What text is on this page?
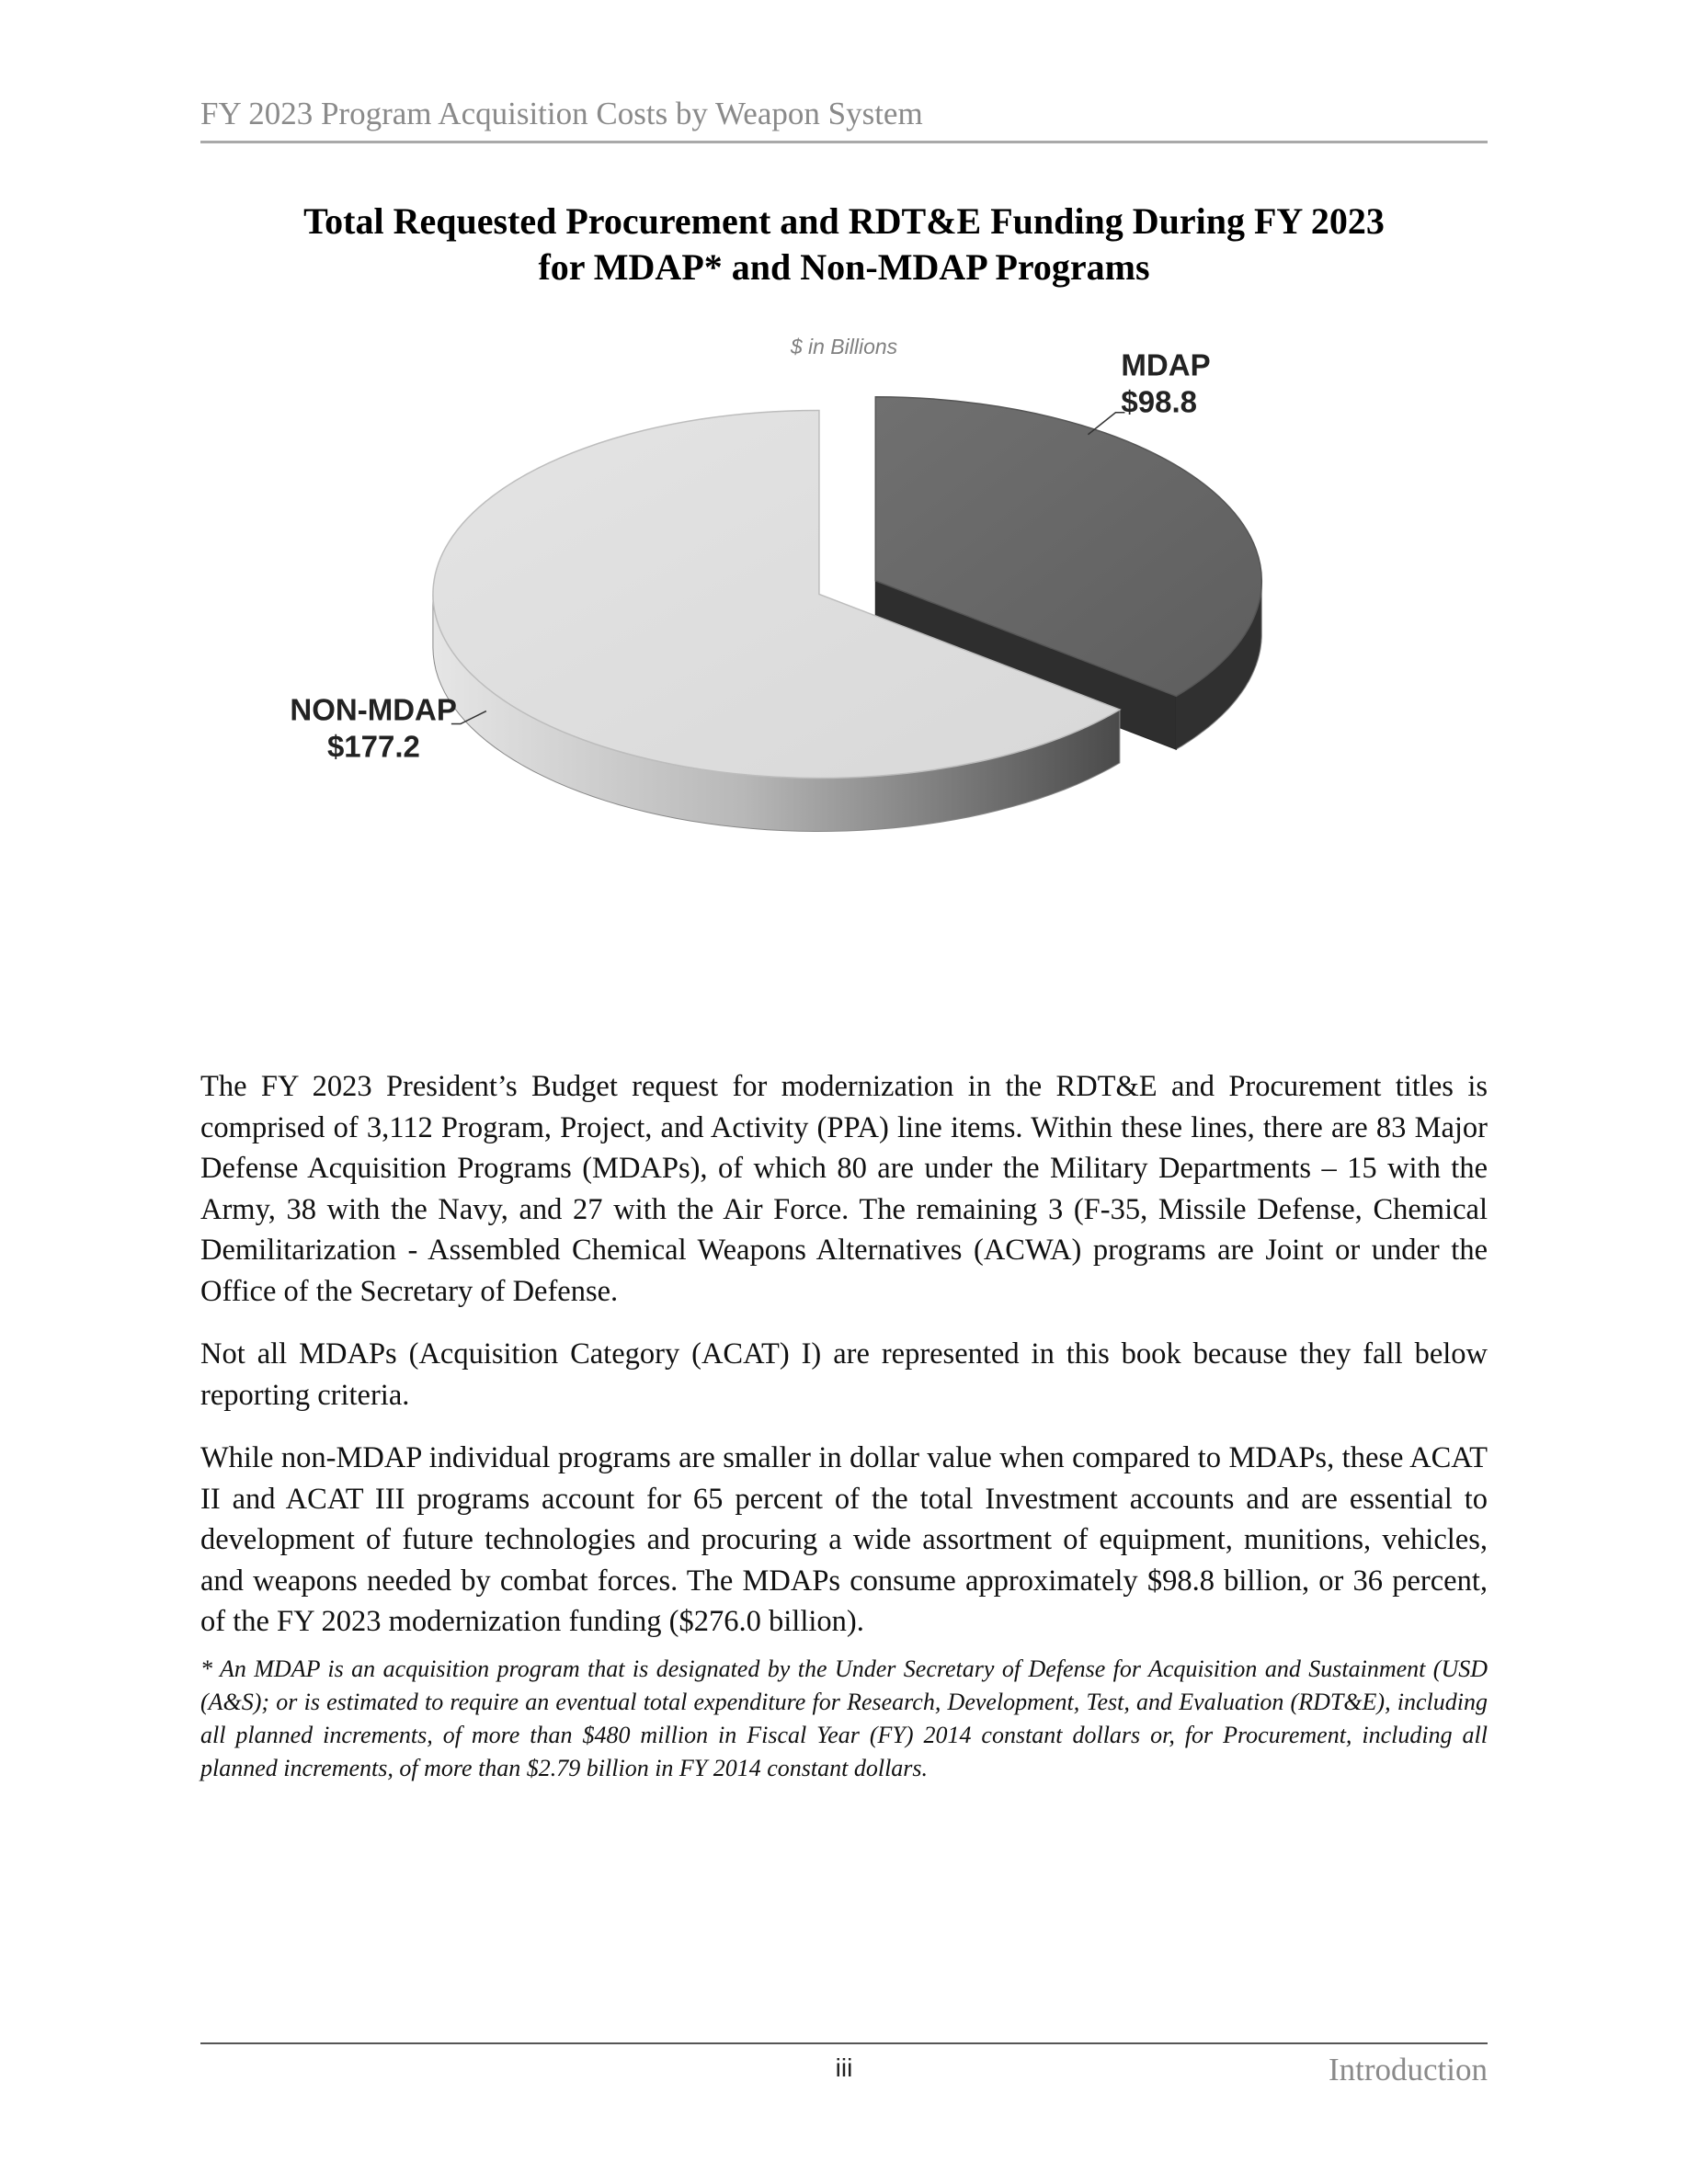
FY 2023 Program Acquisition Costs by Weapon System
Total Requested Procurement and RDT&E Funding During FY 2023
for MDAP* and Non-MDAP Programs
$ in Billions
MDAP
$98.8
NON-MDAP
$177.2

The FY 2023 President’s Budget request for modernization in the RDT&E and Procurement titles is comprised of 3,112 Program, Project, and Activity (PPA) line items. Within these lines, there are 83 Major Defense Acquisition Programs (MDAPs), of which 80 are under the Military Departments – 15 with the Army, 38 with the Navy, and 27 with the Air Force. The remaining 3 (F-35, Missile Defense, Chemical Demilitarization - Assembled Chemical Weapons Alternatives (ACWA) programs are Joint or under the Office of the Secretary of Defense.

Not all MDAPs (Acquisition Category (ACAT) I) are represented in this book because they fall below reporting criteria.

While non-MDAP individual programs are smaller in dollar value when compared to MDAPs, these ACAT II and ACAT III programs account for 65 percent of the total Investment accounts and are essential to development of future technologies and procuring a wide assortment of equipment, munitions, vehicles, and weapons needed by combat forces. The MDAPs consume approximately $98.8 billion, or 36 percent, of the FY 2023 modernization funding ($276.0 billion).

* An MDAP is an acquisition program that is designated by the Under Secretary of Defense for Acquisition and Sustainment (USD (A&S); or is estimated to require an eventual total expenditure for Research, Development, Test, and Evaluation (RDT&E), including all planned increments, of more than $480 million in Fiscal Year (FY) 2014 constant dollars or, for Procurement, including all planned increments, of more than $2.79 billion in FY 2014 constant dollars.
iii	Introduction
